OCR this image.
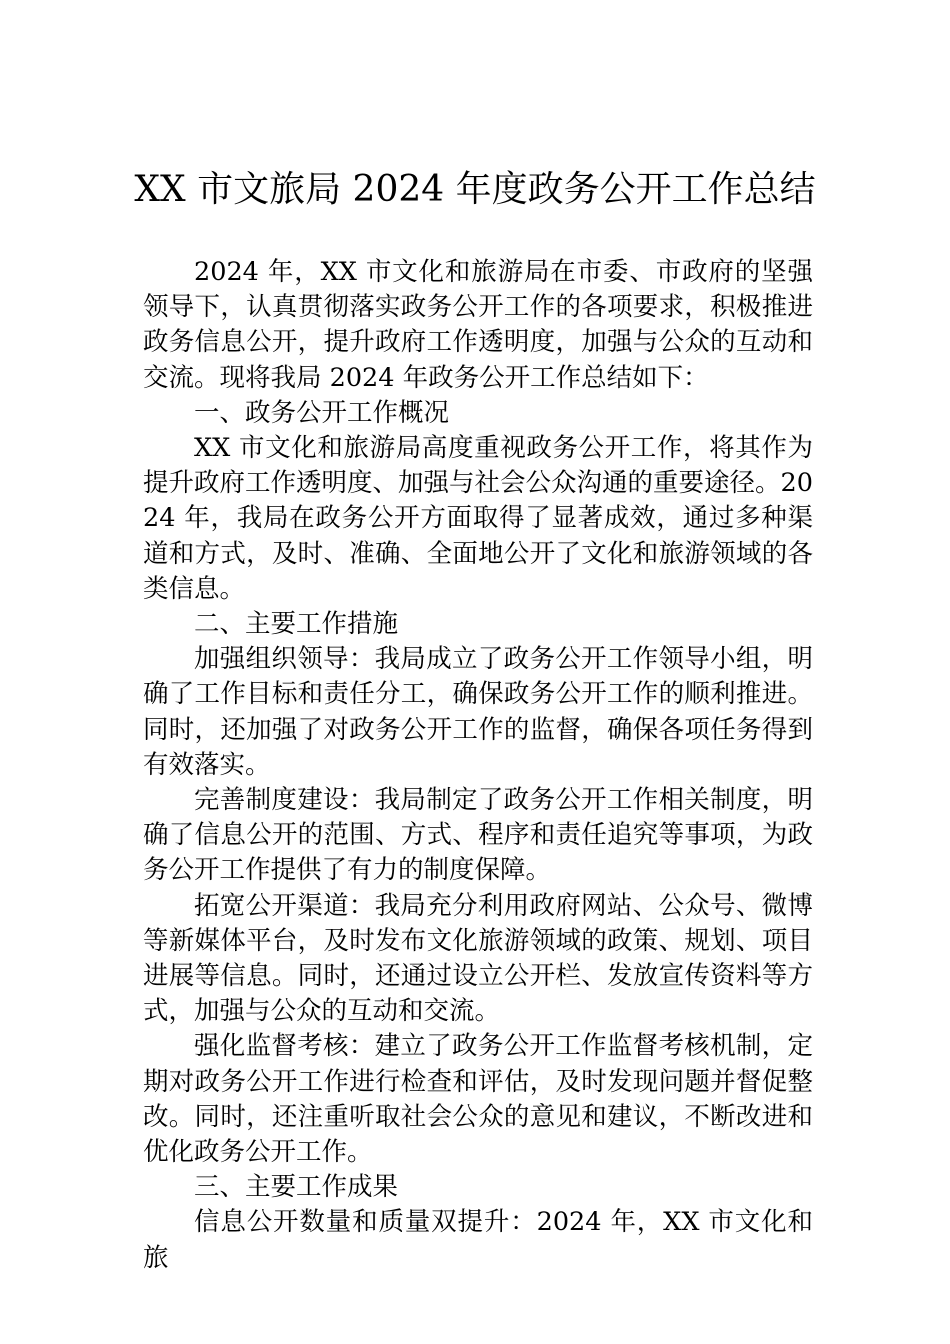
XX 市文旅局 2024 年度政务公开工作总结

2024 年，XX 市文化和旅游局在市委、市政府的坚强领导下，认真贯彻落实政务公开工作的各项要求，积极推进政务信息公开，提升政府工作透明度，加强与公众的互动和交流。现将我局 2024 年政务公开工作总结如下：

一、政务公开工作概况

XX 市文化和旅游局高度重视政务公开工作，将其作为提升政府工作透明度、加强与社会公众沟通的重要途径。2024 年，我局在政务公开方面取得了显著成效，通过多种渠道和方式，及时、准确、全面地公开了文化和旅游领域的各类信息。

二、主要工作措施

加强组织领导：我局成立了政务公开工作领导小组，明确了工作目标和责任分工，确保政务公开工作的顺利推进。同时，还加强了对政务公开工作的监督，确保各项任务得到有效落实。

完善制度建设：我局制定了政务公开工作相关制度，明确了信息公开的范围、方式、程序和责任追究等事项，为政务公开工作提供了有力的制度保障。

拓宽公开渠道：我局充分利用政府网站、公众号、微博等新媒体平台，及时发布文化旅游领域的政策、规划、项目进展等信息。同时，还通过设立公开栏、发放宣传资料等方式，加强与公众的互动和交流。

强化监督考核：建立了政务公开工作监督考核机制，定期对政务公开工作进行检查和评估，及时发现问题并督促整改。同时，还注重听取社会公众的意见和建议，不断改进和优化政务公开工作。

三、主要工作成果

信息公开数量和质量双提升：2024 年，XX 市文化和旅
